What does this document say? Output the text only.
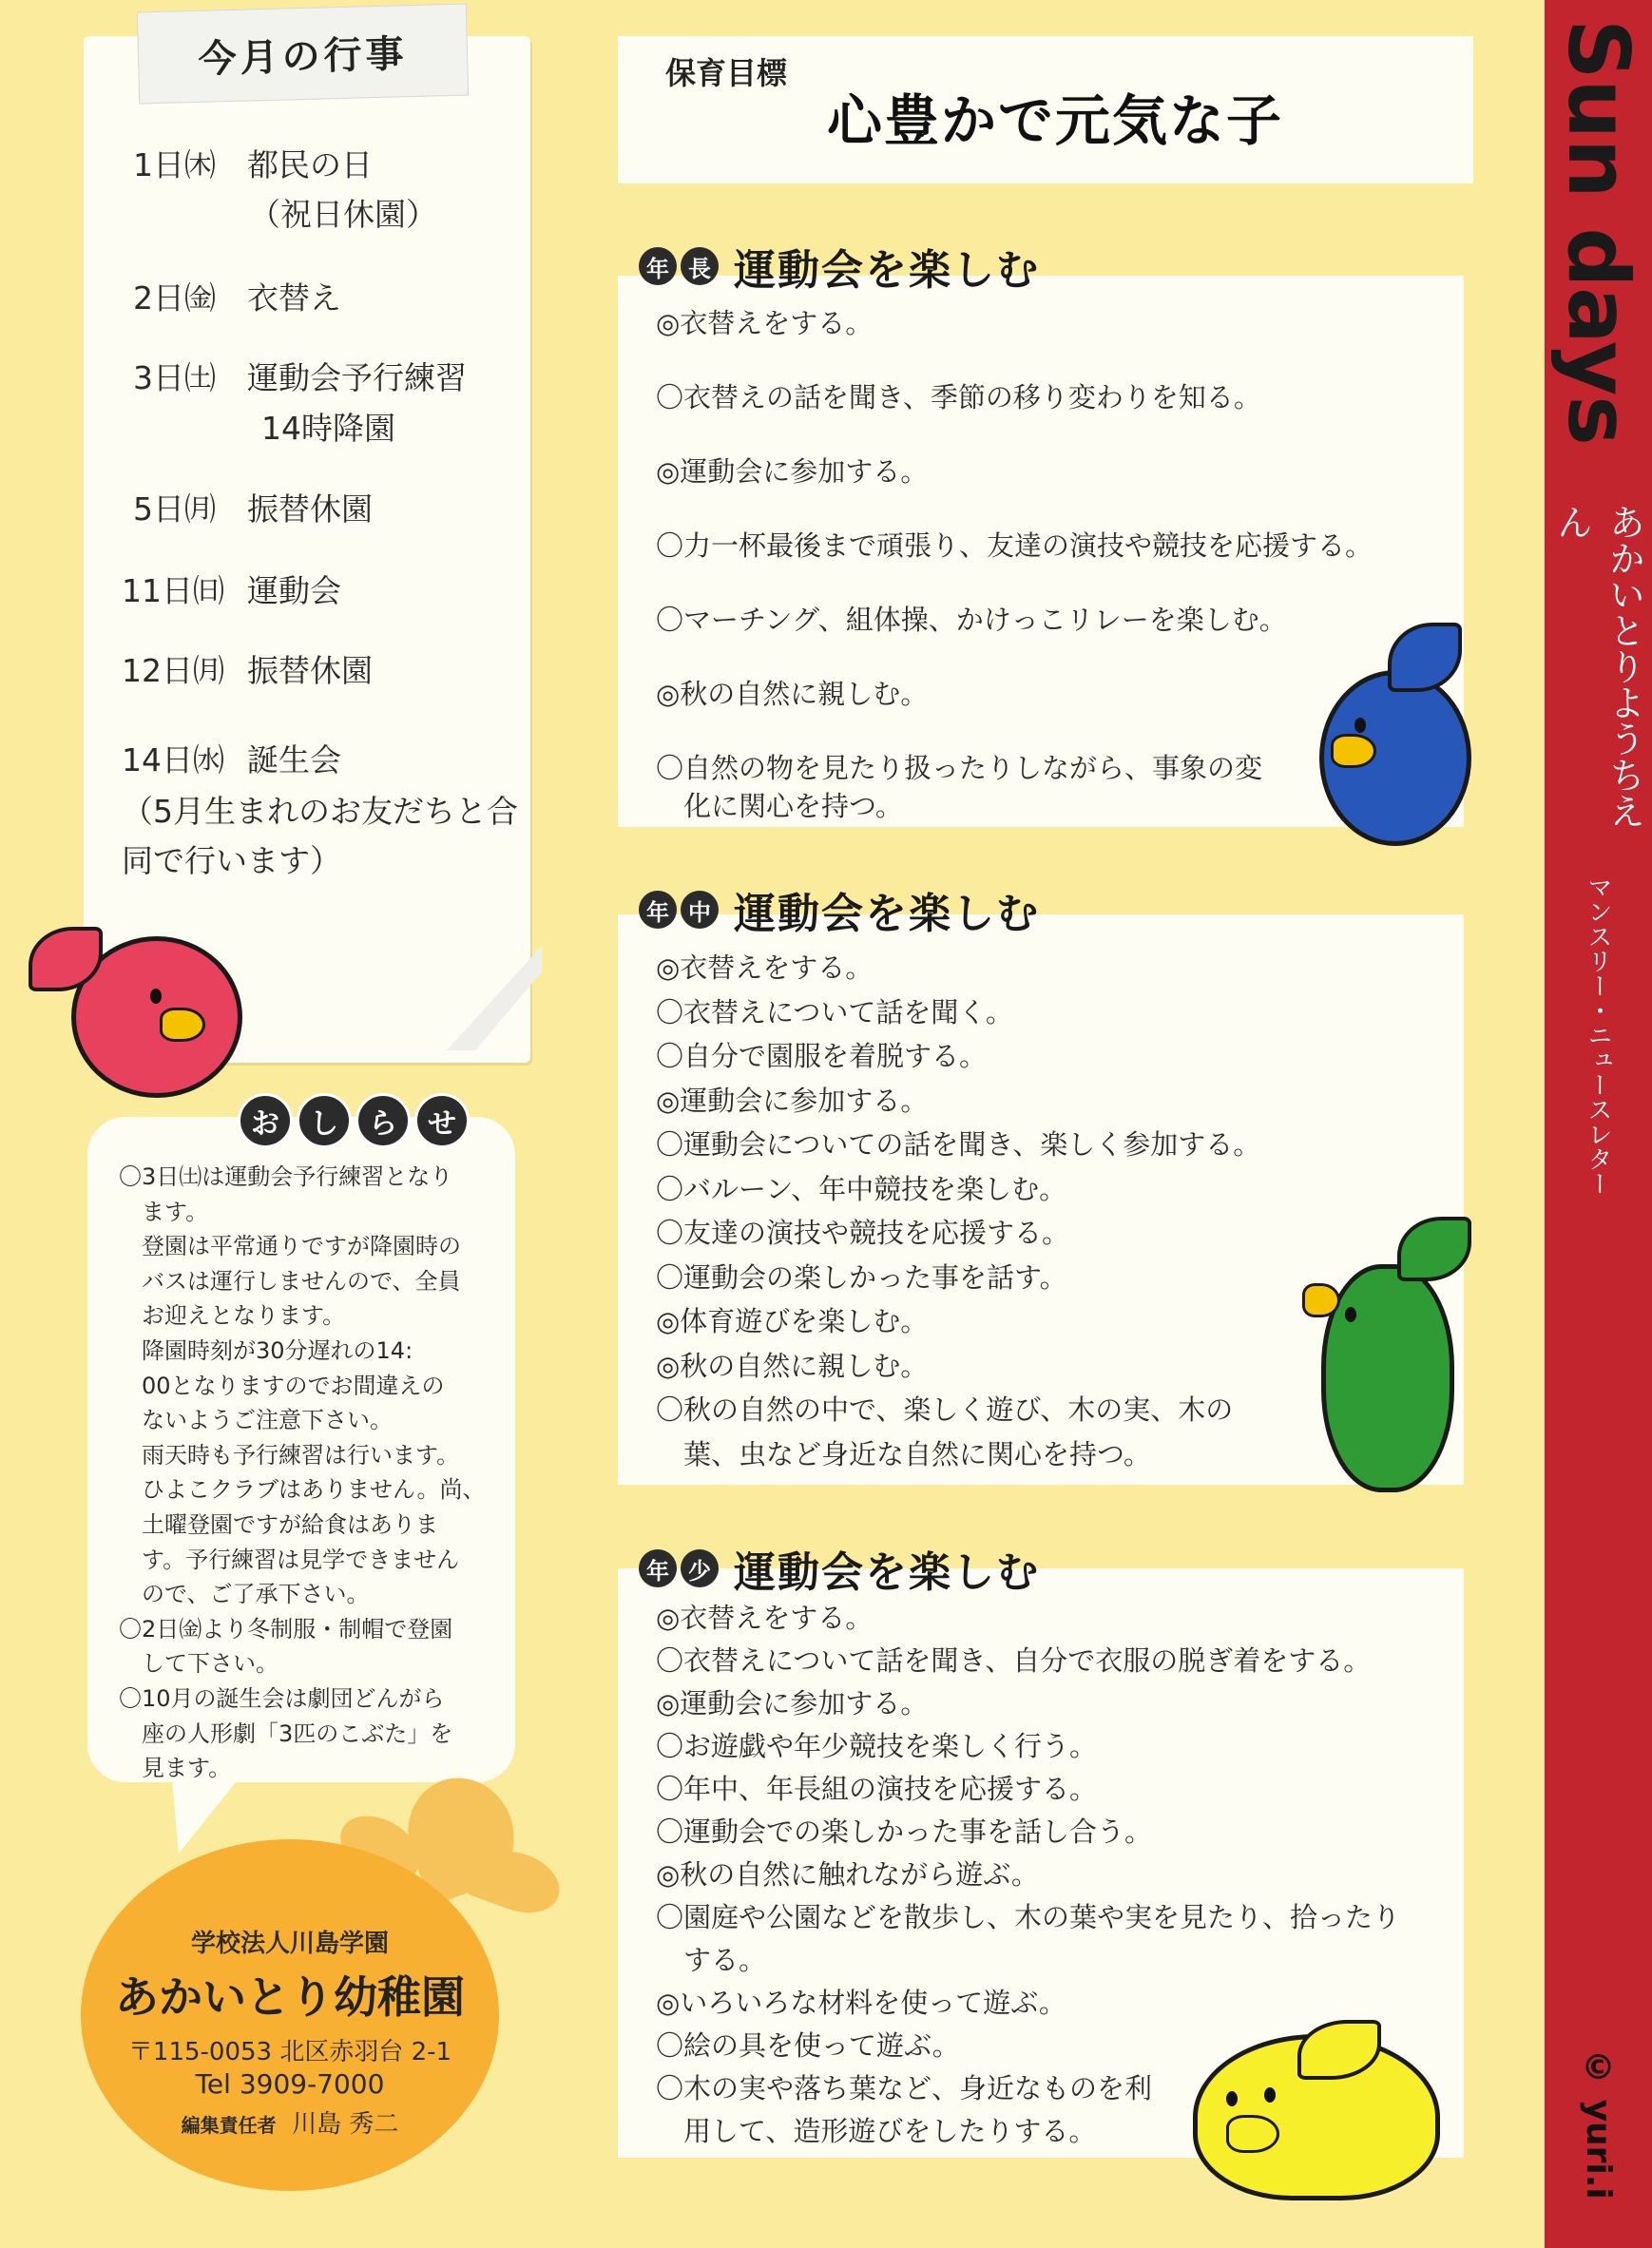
今月の行事
1日㈭ 都民の日
（祝日休園）
2日㈮ 衣替え
3日㈯ 運動会予行練習
14時降園
5日㈪ 振替休園
11日㈰ 運動会
12日㈪ 振替休園
14日㈬ 誕生会
（5月生まれのお友だちと合
同で行います）
お	し	ら	せ
〇3日㈯は運動会予行練習となり
　ます。
　登園は平常通りですが降園時の
　バスは運行しませんので、全員
　お迎えとなります。
　降園時刻が30分遅れの14:
　00となりますのでお間違えの
　ないようご注意下さい。
　雨天時も予行練習は行います。
　ひよこクラブはありません。尚、
　土曜登園ですが給食はありま
　す。予行練習は見学できません
　ので、ご了承下さい。
〇2日㈮より冬制服・制帽で登園
　して下さい。
〇10月の誕生会は劇団どんがら
　座の人形劇「3匹のこぶた」を
　見ます。
学校法人川島学園
あかいとり幼稚園
〒115-0053 北区赤羽台 2-1
Tel 3909-7000
編集責任者 川島 秀二
保育目標
心豊かで元気な子
年 長 運動会を楽しむ
◎衣替えをする。
〇衣替えの話を聞き、季節の移り変わりを知る。
◎運動会に参加する。
〇力一杯最後まで頑張り、友達の演技や競技を応援する。
〇マーチング、組体操、かけっこリレーを楽しむ。
◎秋の自然に親しむ。
〇自然の物を見たり扱ったりしながら、事象の変
　化に関心を持つ。
年 中 運動会を楽しむ
◎衣替えをする。
〇衣替えについて話を聞く。
〇自分で園服を着脱する。
◎運動会に参加する。
〇運動会についての話を聞き、楽しく参加する。
〇バルーン、年中競技を楽しむ。
〇友達の演技や競技を応援する。
〇運動会の楽しかった事を話す。
◎体育遊びを楽しむ。
◎秋の自然に親しむ。
〇秋の自然の中で、楽しく遊び、木の実、木の
　葉、虫など身近な自然に関心を持つ。
年 少 運動会を楽しむ
◎衣替えをする。
〇衣替えについて話を聞き、自分で衣服の脱ぎ着をする。
◎運動会に参加する。
〇お遊戯や年少競技を楽しく行う。
〇年中、年長組の演技を応援する。
〇運動会での楽しかった事を話し合う。
◎秋の自然に触れながら遊ぶ。
〇園庭や公園などを散歩し、木の葉や実を見たり、拾ったり
　する。
◎いろいろな材料を使って遊ぶ。
〇絵の具を使って遊ぶ。
〇木の実や落ち葉など、身近なものを利
　用して、造形遊びをしたりする。
Sun days
あかいとりようちえん
マンスリー・ニュースレター
© yuri.i
